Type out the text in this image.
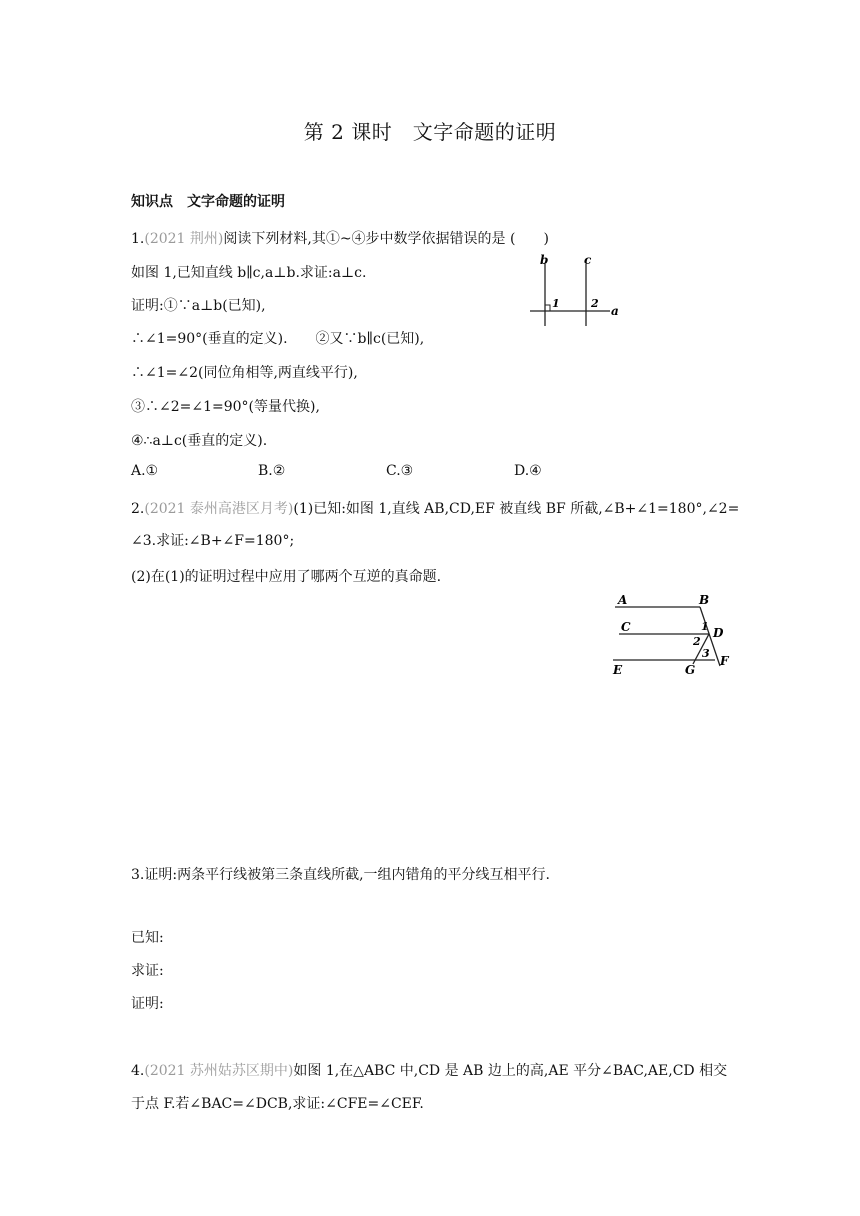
第 2 课时　文字命题的证明
知识点　文字命题的证明
1.(2021 荆州)阅读下列材料,其①~④步中数学依据错误的是 (　　)
如图 1,已知直线 b∥c,a⊥b.求证:a⊥c.
证明:①∵a⊥b(已知),
∴∠1=90°(垂直的定义).　　②又∵b∥c(已知),
∴∠1=∠2(同位角相等,两直线平行),
③∴∠2=∠1=90°(等量代换),
④∴a⊥c(垂直的定义).
A.①	B.②	C.③	D.④
b	c
1	2
a
2.(2021 泰州高港区月考)(1)已知:如图 1,直线 AB,CD,EF 被直线 BF 所截,∠B+∠1=180°,∠2=
∠3.求证:∠B+∠F=180°;
(2)在(1)的证明过程中应用了哪两个互逆的真命题.
A	B
C	1 D
2
3
F
E	G
3.证明:两条平行线被第三条直线所截,一组内错角的平分线互相平行.
已知:
求证:
证明:
4.(2021 苏州姑苏区期中)如图 1,在△ABC 中,CD 是 AB 边上的高,AE 平分∠BAC,AE,CD 相交
于点 F.若∠BAC=∠DCB,求证:∠CFE=∠CEF.
